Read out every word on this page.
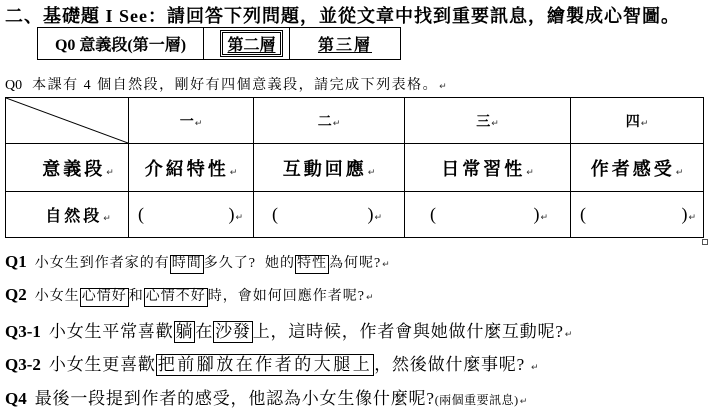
二、基礎題 I See：請回答下列問題，並從文章中找到重要訊息，繪製成心智圖。
Q0 意義段(第一層)	第二層	第三層
Q0 本課有 4 個自然段，剛好有四個意義段，請完成下列表格。 ↵
	一↵	二↵	三↵	四↵
意義段↵	介紹特性↵	互動回應↵	日常習性↵	作者感受↵
自然段↵	( )↵	( )↵	( )↵	( )↵
Q1 小女生到作者家的有 時間 多久了?  她的 特性 為何呢? ↵
Q2 小女生 心情好 和 心情不好 時，會如何回應作者呢? ↵
Q3-1 小女生平常喜歡 躺 在 沙發 上，這時候，作者會與她做什麼互動呢? ↵
Q3-2 小女生更喜歡 把前腳放在作者的大腿上 ，然後做什麼事呢? ↵
Q4 最後一段提到作者的感受，他認為小女生像什麼呢? (兩個重要訊息) ↵
